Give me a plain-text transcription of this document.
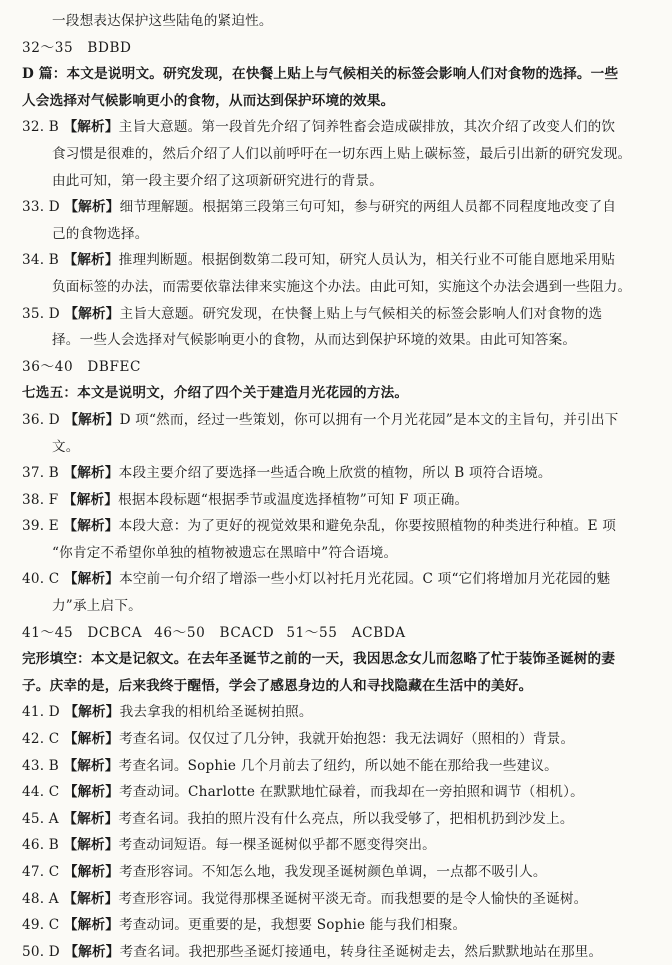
一段想表达保护这些陆龟的紧迫性。
32～35　BDBD
D 篇：本文是说明文。研究发现，在快餐上贴上与气候相关的标签会影响人们对食物的选择。一些
人会选择对气候影响更小的食物，从而达到保护环境的效果。
32. B 【解析】主旨大意题。第一段首先介绍了饲养牲畜会造成碳排放，其次介绍了改变人们的饮
食习惯是很难的，然后介绍了人们以前呼吁在一切东西上贴上碳标签，最后引出新的研究发现。
由此可知，第一段主要介绍了这项新研究进行的背景。
33. D 【解析】细节理解题。根据第三段第三句可知，参与研究的两组人员都不同程度地改变了自
己的食物选择。
34. B 【解析】推理判断题。根据倒数第二段可知，研究人员认为，相关行业不可能自愿地采用贴
负面标签的办法，而需要依靠法律来实施这个办法。由此可知，实施这个办法会遇到一些阻力。
35. D 【解析】主旨大意题。研究发现，在快餐上贴上与气候相关的标签会影响人们对食物的选
择。一些人会选择对气候影响更小的食物，从而达到保护环境的效果。由此可知答案。
36～40　DBFEC
七选五：本文是说明文，介绍了四个关于建造月光花园的方法。
36. D 【解析】D 项“然而，经过一些策划，你可以拥有一个月光花园”是本文的主旨句，并引出下
文。
37. B 【解析】本段主要介绍了要选择一些适合晚上欣赏的植物，所以 B 项符合语境。
38. F 【解析】根据本段标题“根据季节或温度选择植物”可知 F 项正确。
39. E 【解析】本段大意：为了更好的视觉效果和避免杂乱，你要按照植物的种类进行种植。E 项
“你肯定不希望你单独的植物被遗忘在黑暗中”符合语境。
40. C 【解析】本空前一句介绍了增添一些小灯以衬托月光花园。C 项“它们将增加月光花园的魅
力”承上启下。
41～45　DCBCA 46～50　BCACD 51～55　ACBDA
完形填空：本文是记叙文。在去年圣诞节之前的一天，我因思念女儿而忽略了忙于装饰圣诞树的妻
子。庆幸的是，后来我终于醒悟，学会了感恩身边的人和寻找隐藏在生活中的美好。
41. D 【解析】我去拿我的相机给圣诞树拍照。
42. C 【解析】考查名词。仅仅过了几分钟，我就开始抱怨：我无法调好（照相的）背景。
43. B 【解析】考查名词。Sophie 几个月前去了纽约，所以她不能在那给我一些建议。
44. C 【解析】考查动词。Charlotte 在默默地忙碌着，而我却在一旁拍照和调节（相机）。
45. A 【解析】考查名词。我拍的照片没有什么亮点，所以我受够了，把相机扔到沙发上。
46. B 【解析】考查动词短语。每一棵圣诞树似乎都不愿变得突出。
47. C 【解析】考查形容词。不知怎么地，我发现圣诞树颜色单调，一点都不吸引人。
48. A 【解析】考查形容词。我觉得那棵圣诞树平淡无奇。而我想要的是令人愉快的圣诞树。
49. C 【解析】考查动词。更重要的是，我想要 Sophie 能与我们相聚。
50. D 【解析】考查名词。我把那些圣诞灯接通电，转身往圣诞树走去，然后默默地站在那里。
